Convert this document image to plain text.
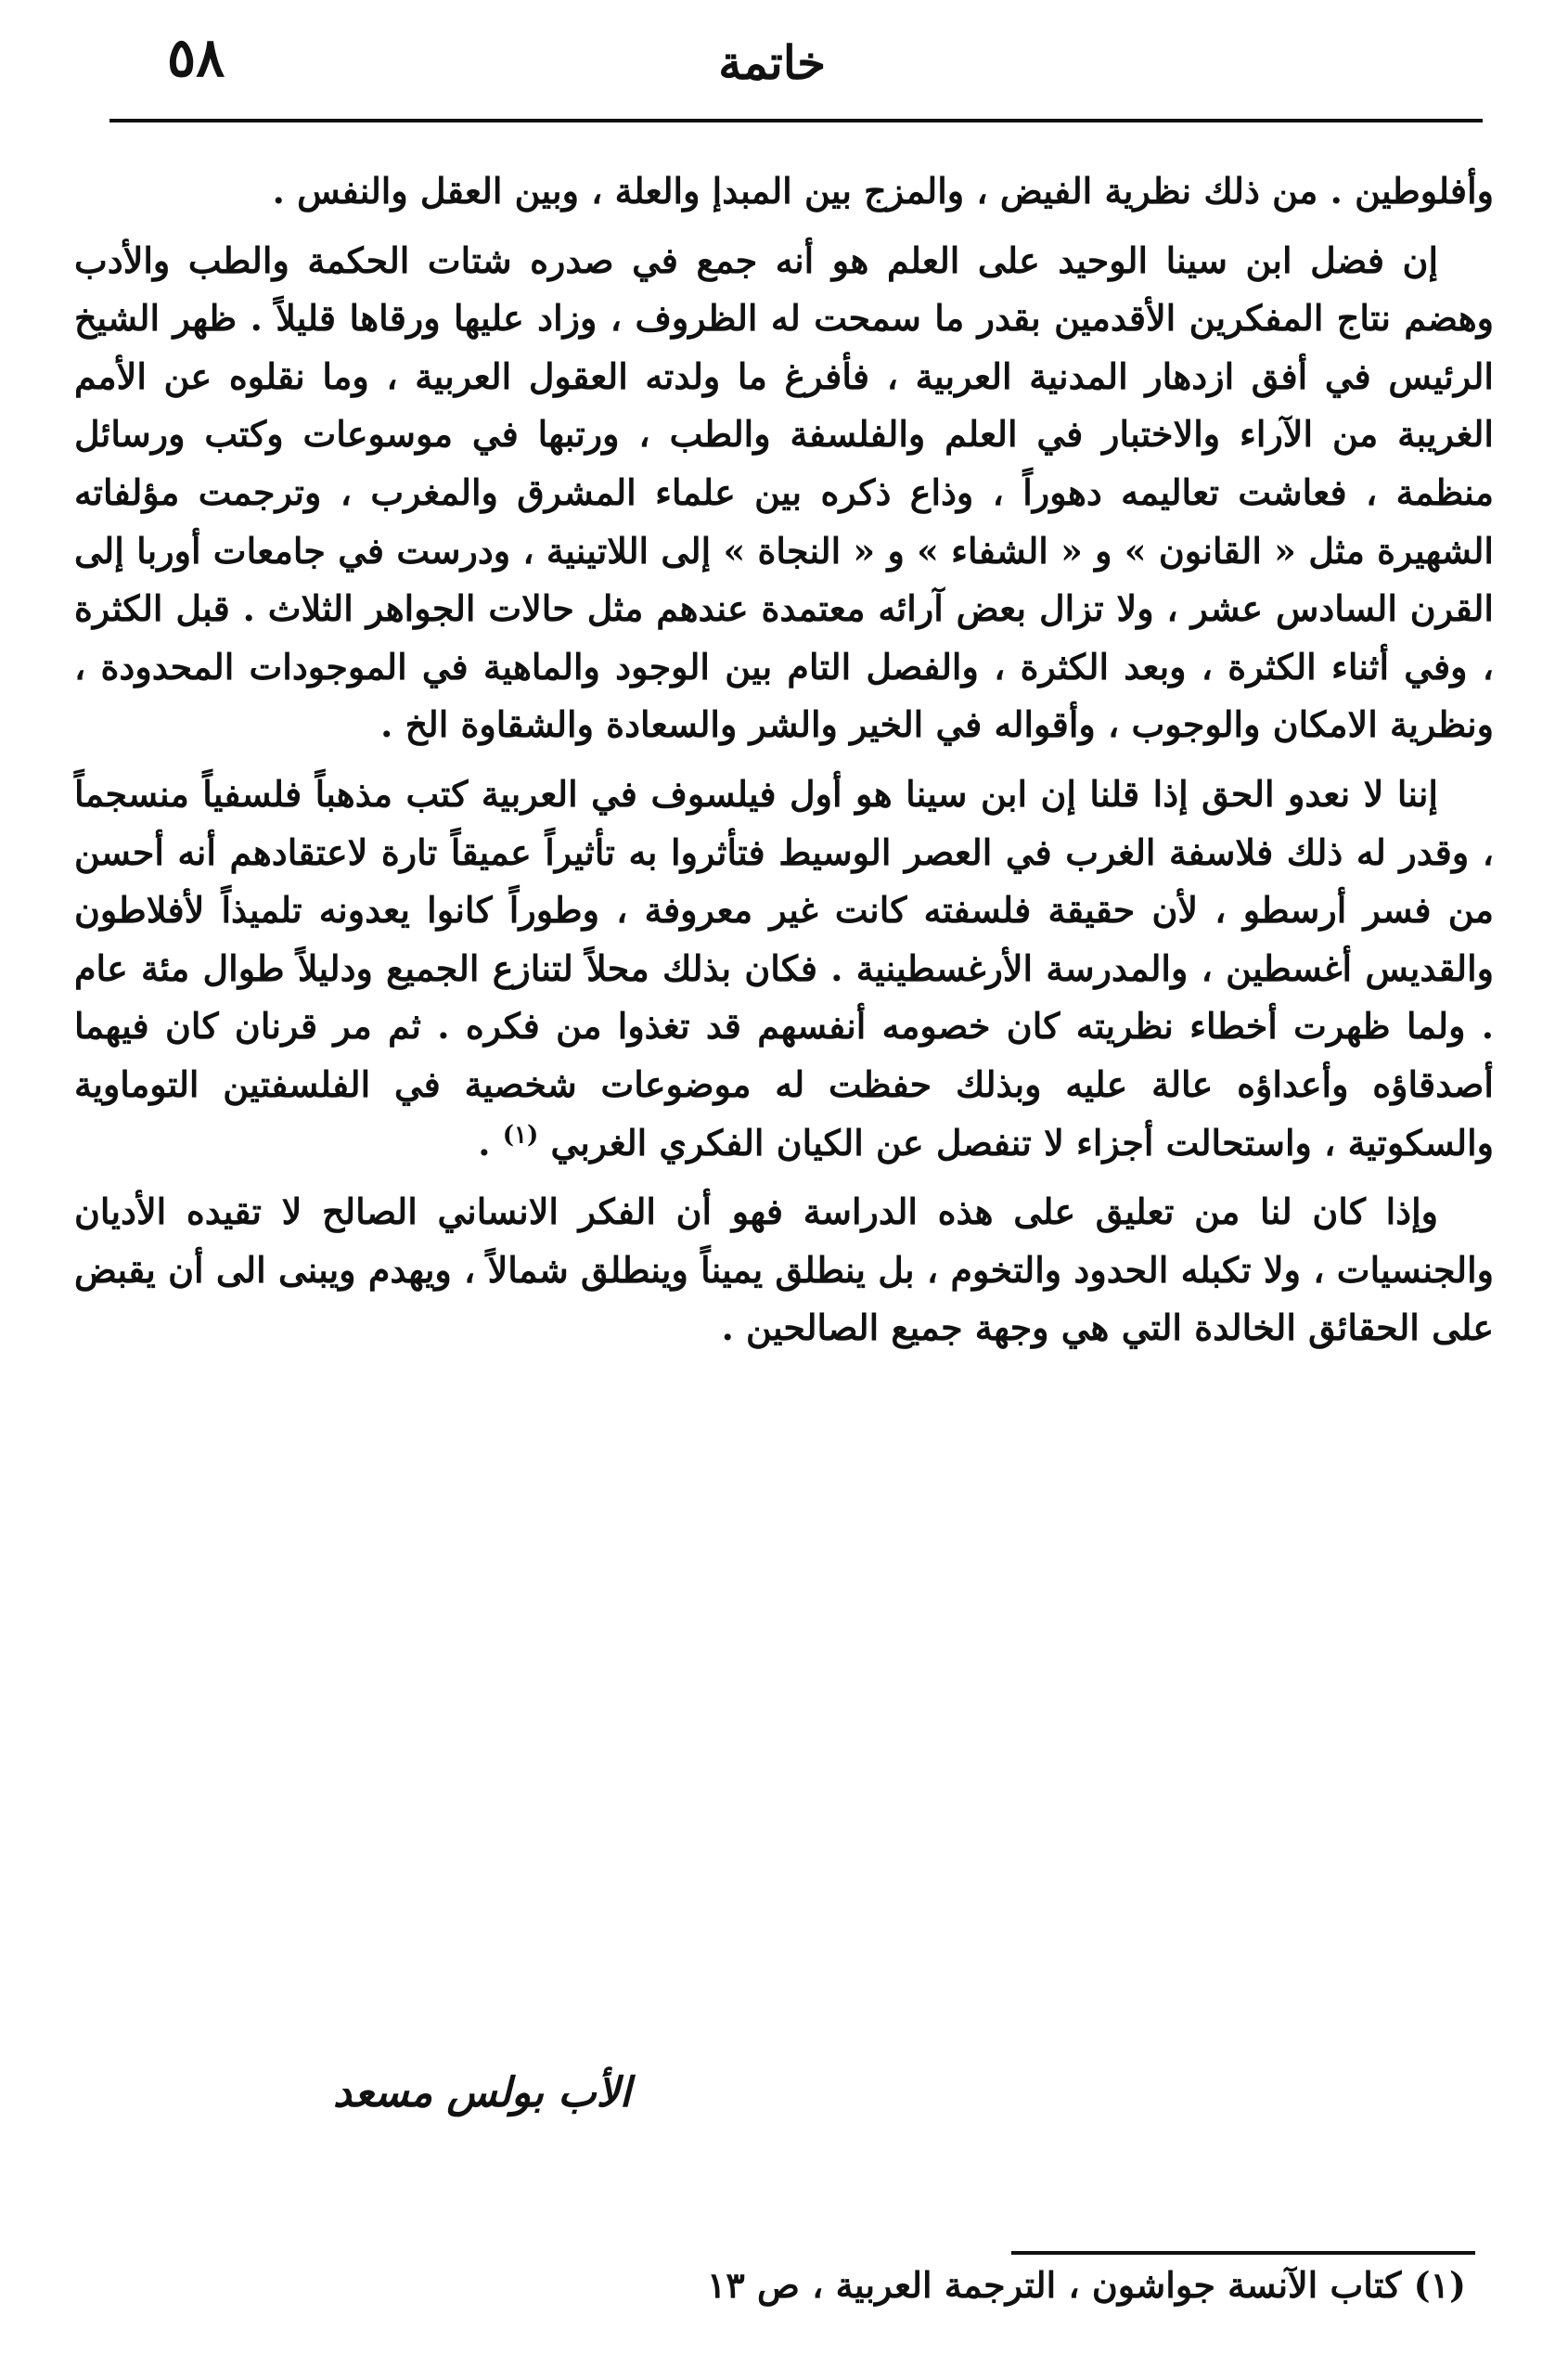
خاتمة
٥٨

وأفلوطين . من ذلك نظرية الفيض ، والمزج بين المبدإ والعلة ، وبين العقل والنفس .

إن فضل ابن سينا الوحيد على العلم هو أنه جمع في صدره شتات الحكمة والطب والأدب وهضم نتاج المفكرين الأقدمين بقدر ما سمحت له الظروف ، وزاد عليها ورقاها قليلاً . ظهر الشيخ الرئيس في أفق ازدهار المدنية العربية ، فأفرغ ما ولدته العقول العربية ، وما نقلوه عن الأمم الغريبة من الآراء والاختبار في العلم والفلسفة والطب ، ورتبها في موسوعات وكتب ورسائل منظمة ، فعاشت تعاليمه دهوراً ، وذاع ذكره بين علماء المشرق والمغرب ، وترجمت مؤلفاته الشهيرة مثل « القانون » و « الشفاء » و « النجاة » إلى اللاتينية ، ودرست في جامعات أوربا إلى القرن السادس عشر ، ولا تزال بعض آرائه معتمدة عندهم مثل حالات الجواهر الثلاث . قبل الكثرة ، وفي أثناء الكثرة ، وبعد الكثرة ، والفصل التام بين الوجود والماهية في الموجودات المحدودة ، ونظرية الامكان والوجوب ، وأقواله في الخير والشر والسعادة والشقاوة الخ .

إننا لا نعدو الحق إذا قلنا إن ابن سينا هو أول فيلسوف في العربية كتب مذهباً فلسفياً منسجماً ، وقدر له ذلك فلاسفة الغرب في العصر الوسيط فتأثروا به تأثيراً عميقاً تارة لاعتقادهم أنه أحسن من فسر أرسطو ، لأن حقيقة فلسفته كانت غير معروفة ، وطوراً كانوا يعدونه تلميذاً لأفلاطون والقديس أغسطين ، والمدرسة الأرغسطينية . فكان بذلك محلاً لتنازع الجميع ودليلاً طوال مئة عام . ولما ظهرت أخطاء نظريته كان خصومه أنفسهم قد تغذوا من فكره . ثم مر قرنان كان فيهما أصدقاؤه وأعداؤه عالة عليه وبذلك حفظت له موضوعات شخصية في الفلسفتين التوماوية والسكوتية ، واستحالت أجزاء لا تنفصل عن الكيان الفكري الغربي $^{(١)}$ .

وإذا كان لنا من تعليق على هذه الدراسة فهو أن الفكر الانساني الصالح لا تقيده الأديان والجنسيات ، ولا تكبله الحدود والتخوم ، بل ينطلق يميناً وينطلق شمالاً ، ويهدم ويبنى الى أن يقبض على الحقائق الخالدة التي هي وجهة جميع الصالحين .

الأب بولس مسعد
(١) كتاب الآنسة جواشون ، الترجمة العربية ، ص ١٣
